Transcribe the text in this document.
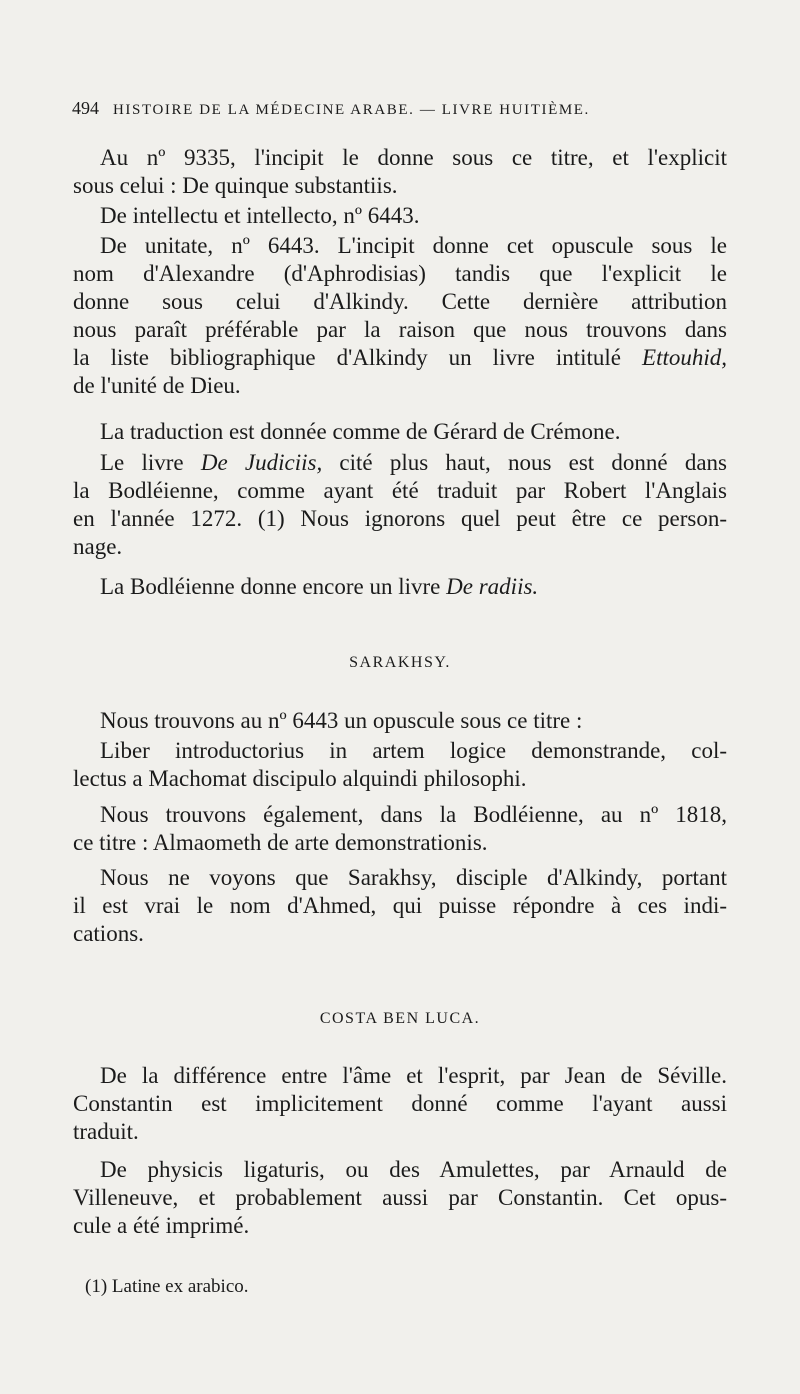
494 HISTOIRE DE LA MÉDECINE ARABE. — LIVRE HUITIÈME.
Au nº 9335, l'incipit le donne sous ce titre, et l'explicit
sous celui : De quinque substantiis.
De intellectu et intellecto, nº 6443.
De unitate, nº 6443. L'incipit donne cet opuscule sous le
nom d'Alexandre (d'Aphrodisias) tandis que l'explicit le
donne sous celui d'Alkindy. Cette dernière attribution
nous paraît préférable par la raison que nous trouvons dans
la liste bibliographique d'Alkindy un livre intitulé Ettouhid,
de l'unité de Dieu.
La traduction est donnée comme de Gérard de Crémone.
Le livre De Judiciis, cité plus haut, nous est donné dans
la Bodléienne, comme ayant été traduit par Robert l'Anglais
en l'année 1272. (1) Nous ignorons quel peut être ce person-
nage.
La Bodléienne donne encore un livre De radiis.
SARAKHSY.
Nous trouvons au nº 6443 un opuscule sous ce titre :
Liber introductorius in artem logice demonstrande, col-
lectus a Machomat discipulo alquindi philosophi.
Nous trouvons également, dans la Bodléienne, au nº 1818,
ce titre : Almaometh de arte demonstrationis.
Nous ne voyons que Sarakhsy, disciple d'Alkindy, portant
il est vrai le nom d'Ahmed, qui puisse répondre à ces indi-
cations.
COSTA BEN LUCA.
De la différence entre l'âme et l'esprit, par Jean de Séville.
Constantin est implicitement donné comme l'ayant aussi
traduit.
De physicis ligaturis, ou des Amulettes, par Arnauld de
Villeneuve, et probablement aussi par Constantin. Cet opus-
cule a été imprimé.
(1) Latine ex arabico.
